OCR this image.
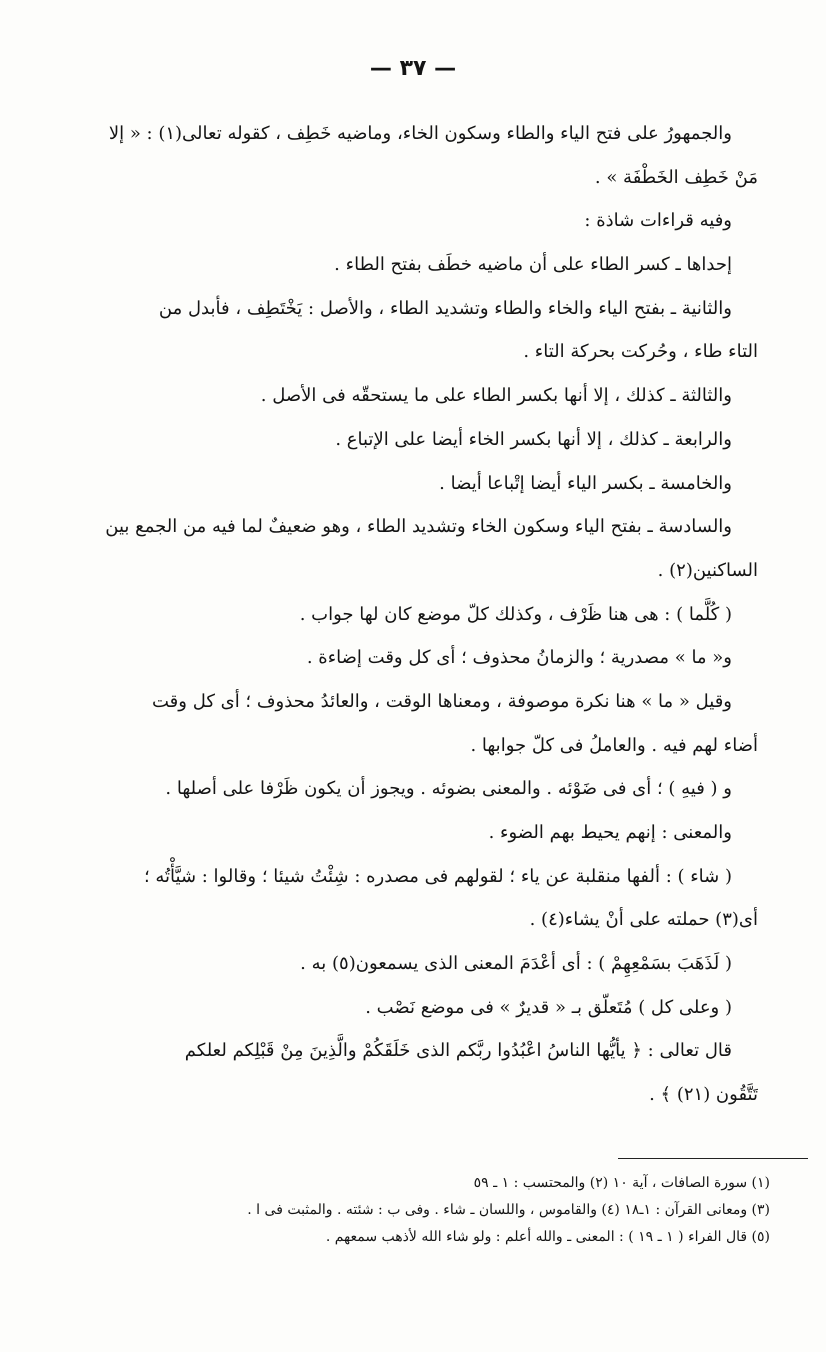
— ٣٧ —
والجمهورُ على فتح الياء والطاء وسكون الخاء، وماضيه خَطِف ، كقوله تعالى(١) : « إلا
مَنْ خَطِف الخَطْفَة » .
وفيه قراءات شاذة :
إحداها ـ كسر الطاء على أن ماضيه خطَف بفتح الطاء .
والثانية ـ بفتح الياء والخاء والطاء وتشديد الطاء ، والأصل : يَخْتَطِف ، فأبدل من
التاء طاء ، وحُركت بحركة التاء .
والثالثة ـ كذلك ، إلا أنها بكسر الطاء على ما يستحقّه فى الأصل .
والرابعة ـ كذلك ، إلا أنها بكسر الخاء أيضا على الإتباع .
والخامسة ـ بكسر الياء أيضا إتْباعا أيضا .
والسادسة ـ بفتح الياء وسكون الخاء وتشديد الطاء ، وهو ضعيفٌ لما فيه من الجمع بين
الساكنين(٢) .
( كُلَّما ) : هى هنا ظَرْف ، وكذلك كلّ موضع كان لها جواب .
و« ما » مصدرية ؛ والزمانُ محذوف ؛ أى كل وقت إضاءة .
وقيل « ما » هنا نكرة موصوفة ، ومعناها الوقت ، والعائدُ محذوف ؛ أى كل وقت
أضاء لهم فيه . والعاملُ فى كلّ جوابها .
و ( فيهِ ) ؛ أى فى ضَوْئه . والمعنى بضوئه . ويجوز أن يكون ظَرْفا على أصلها .
والمعنى : إنهم يحيط بهم الضوء .
( شاء ) : ألفها منقلبة عن ياء ؛ لقولهم فى مصدره : شِئْتُ شيئا ؛ وقالوا : شيَّأْتُه ؛
أى(٣) حملته على أنْ يشاء(٤) .
( لَذَهَبَ بسَمْعِهِمْ ) : أى أعْدَمَ المعنى الذى يسمعون(٥) به .
( وعلى كل ) مُتَعلّق بـ « قديرٌ » فى موضع نَصْب .
قال تعالى : ﴿ يأيُّها الناسُ اعْبُدُوا ربَّكم الذى خَلَقَكُمْ والَّذِينَ مِنْ قَبْلِكم لعلكم
تَتَّقُون (٢١) ﴾ .
(١) سورة الصافات ، آية ١٠ (٢) والمحتسب : ١ ـ ٥٩
(٣) ومعانى القرآن : ١ـ١٨ (٤) والقاموس ، واللسان ـ شاء . وفى ب : شئته . والمثبت فى ا .
(٥) قال الفراء ( ١ ـ ١٩ ) : المعنى ـ والله أعلم : ولو شاء الله لأذهب سمعهم .
